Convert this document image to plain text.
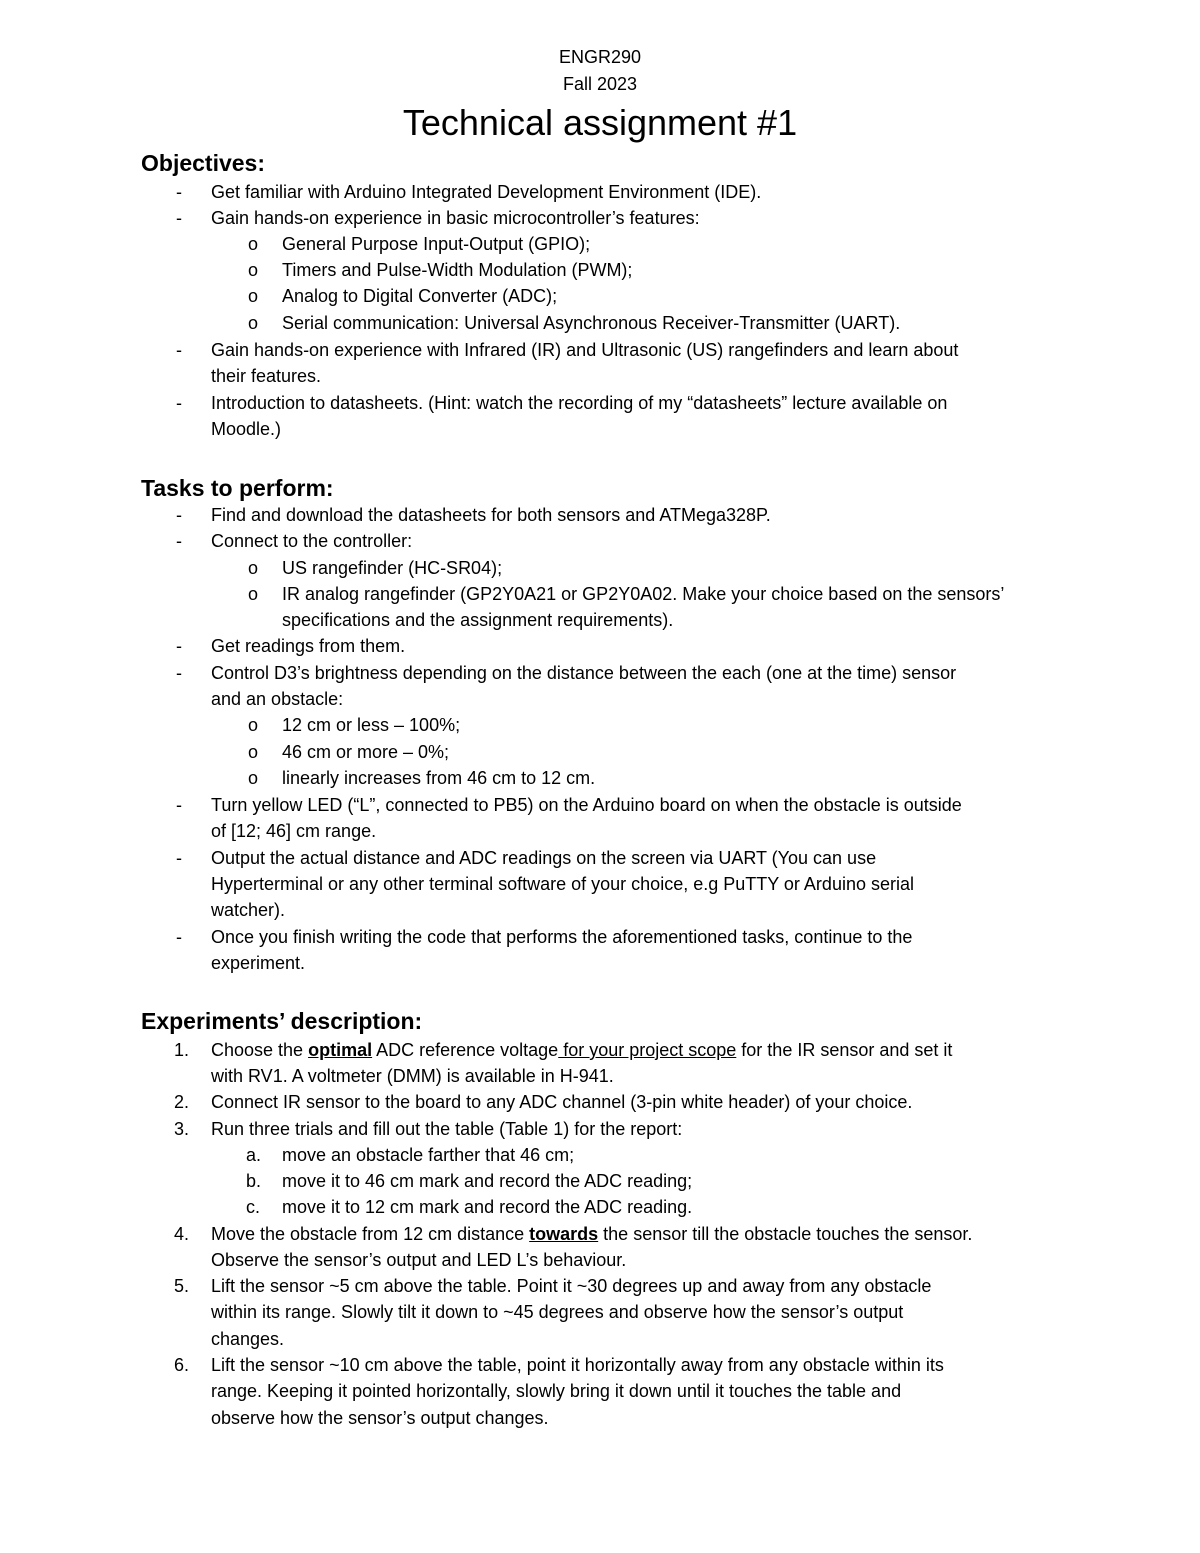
ENGR290
Fall 2023
Technical assignment #1
Objectives:
- Get familiar with Arduino Integrated Development Environment (IDE).
- Gain hands-on experience in basic microcontroller’s features:
o General Purpose Input-Output (GPIO);
o Timers and Pulse-Width Modulation (PWM);
o Analog to Digital Converter (ADC);
o Serial communication: Universal Asynchronous Receiver-Transmitter (UART).
- Gain hands-on experience with Infrared (IR) and Ultrasonic (US) rangefinders and learn about
their features.
- Introduction to datasheets. (Hint: watch the recording of my “datasheets” lecture available on
Moodle.)
Tasks to perform:
- Find and download the datasheets for both sensors and ATMega328P.
- Connect to the controller:
o US rangefinder (HC-SR04);
o IR analog rangefinder (GP2Y0A21 or GP2Y0A02. Make your choice based on the sensors’
specifications and the assignment requirements).
- Get readings from them.
- Control D3’s brightness depending on the distance between the each (one at the time) sensor
and an obstacle:
o 12 cm or less – 100%;
o 46 cm or more – 0%;
o linearly increases from 46 cm to 12 cm.
- Turn yellow LED (“L”, connected to PB5) on the Arduino board on when the obstacle is outside
of [12; 46] cm range.
- Output the actual distance and ADC readings on the screen via UART (You can use
Hyperterminal or any other terminal software of your choice, e.g PuTTY or Arduino serial
watcher).
- Once you finish writing the code that performs the aforementioned tasks, continue to the
experiment.
Experiments’ description:
1. Choose the optimal ADC reference voltage for your project scope for the IR sensor and set it
with RV1. A voltmeter (DMM) is available in H-941.
2. Connect IR sensor to the board to any ADC channel (3-pin white header) of your choice.
3. Run three trials and fill out the table (Table 1) for the report:
a. move an obstacle farther that 46 cm;
b. move it to 46 cm mark and record the ADC reading;
c. move it to 12 cm mark and record the ADC reading.
4. Move the obstacle from 12 cm distance towards the sensor till the obstacle touches the sensor.
Observe the sensor’s output and LED L’s behaviour.
5. Lift the sensor ~5 cm above the table. Point it ~30 degrees up and away from any obstacle
within its range. Slowly tilt it down to ~45 degrees and observe how the sensor’s output
changes.
6. Lift the sensor ~10 cm above the table, point it horizontally away from any obstacle within its
range. Keeping it pointed horizontally, slowly bring it down until it touches the table and
observe how the sensor’s output changes.
